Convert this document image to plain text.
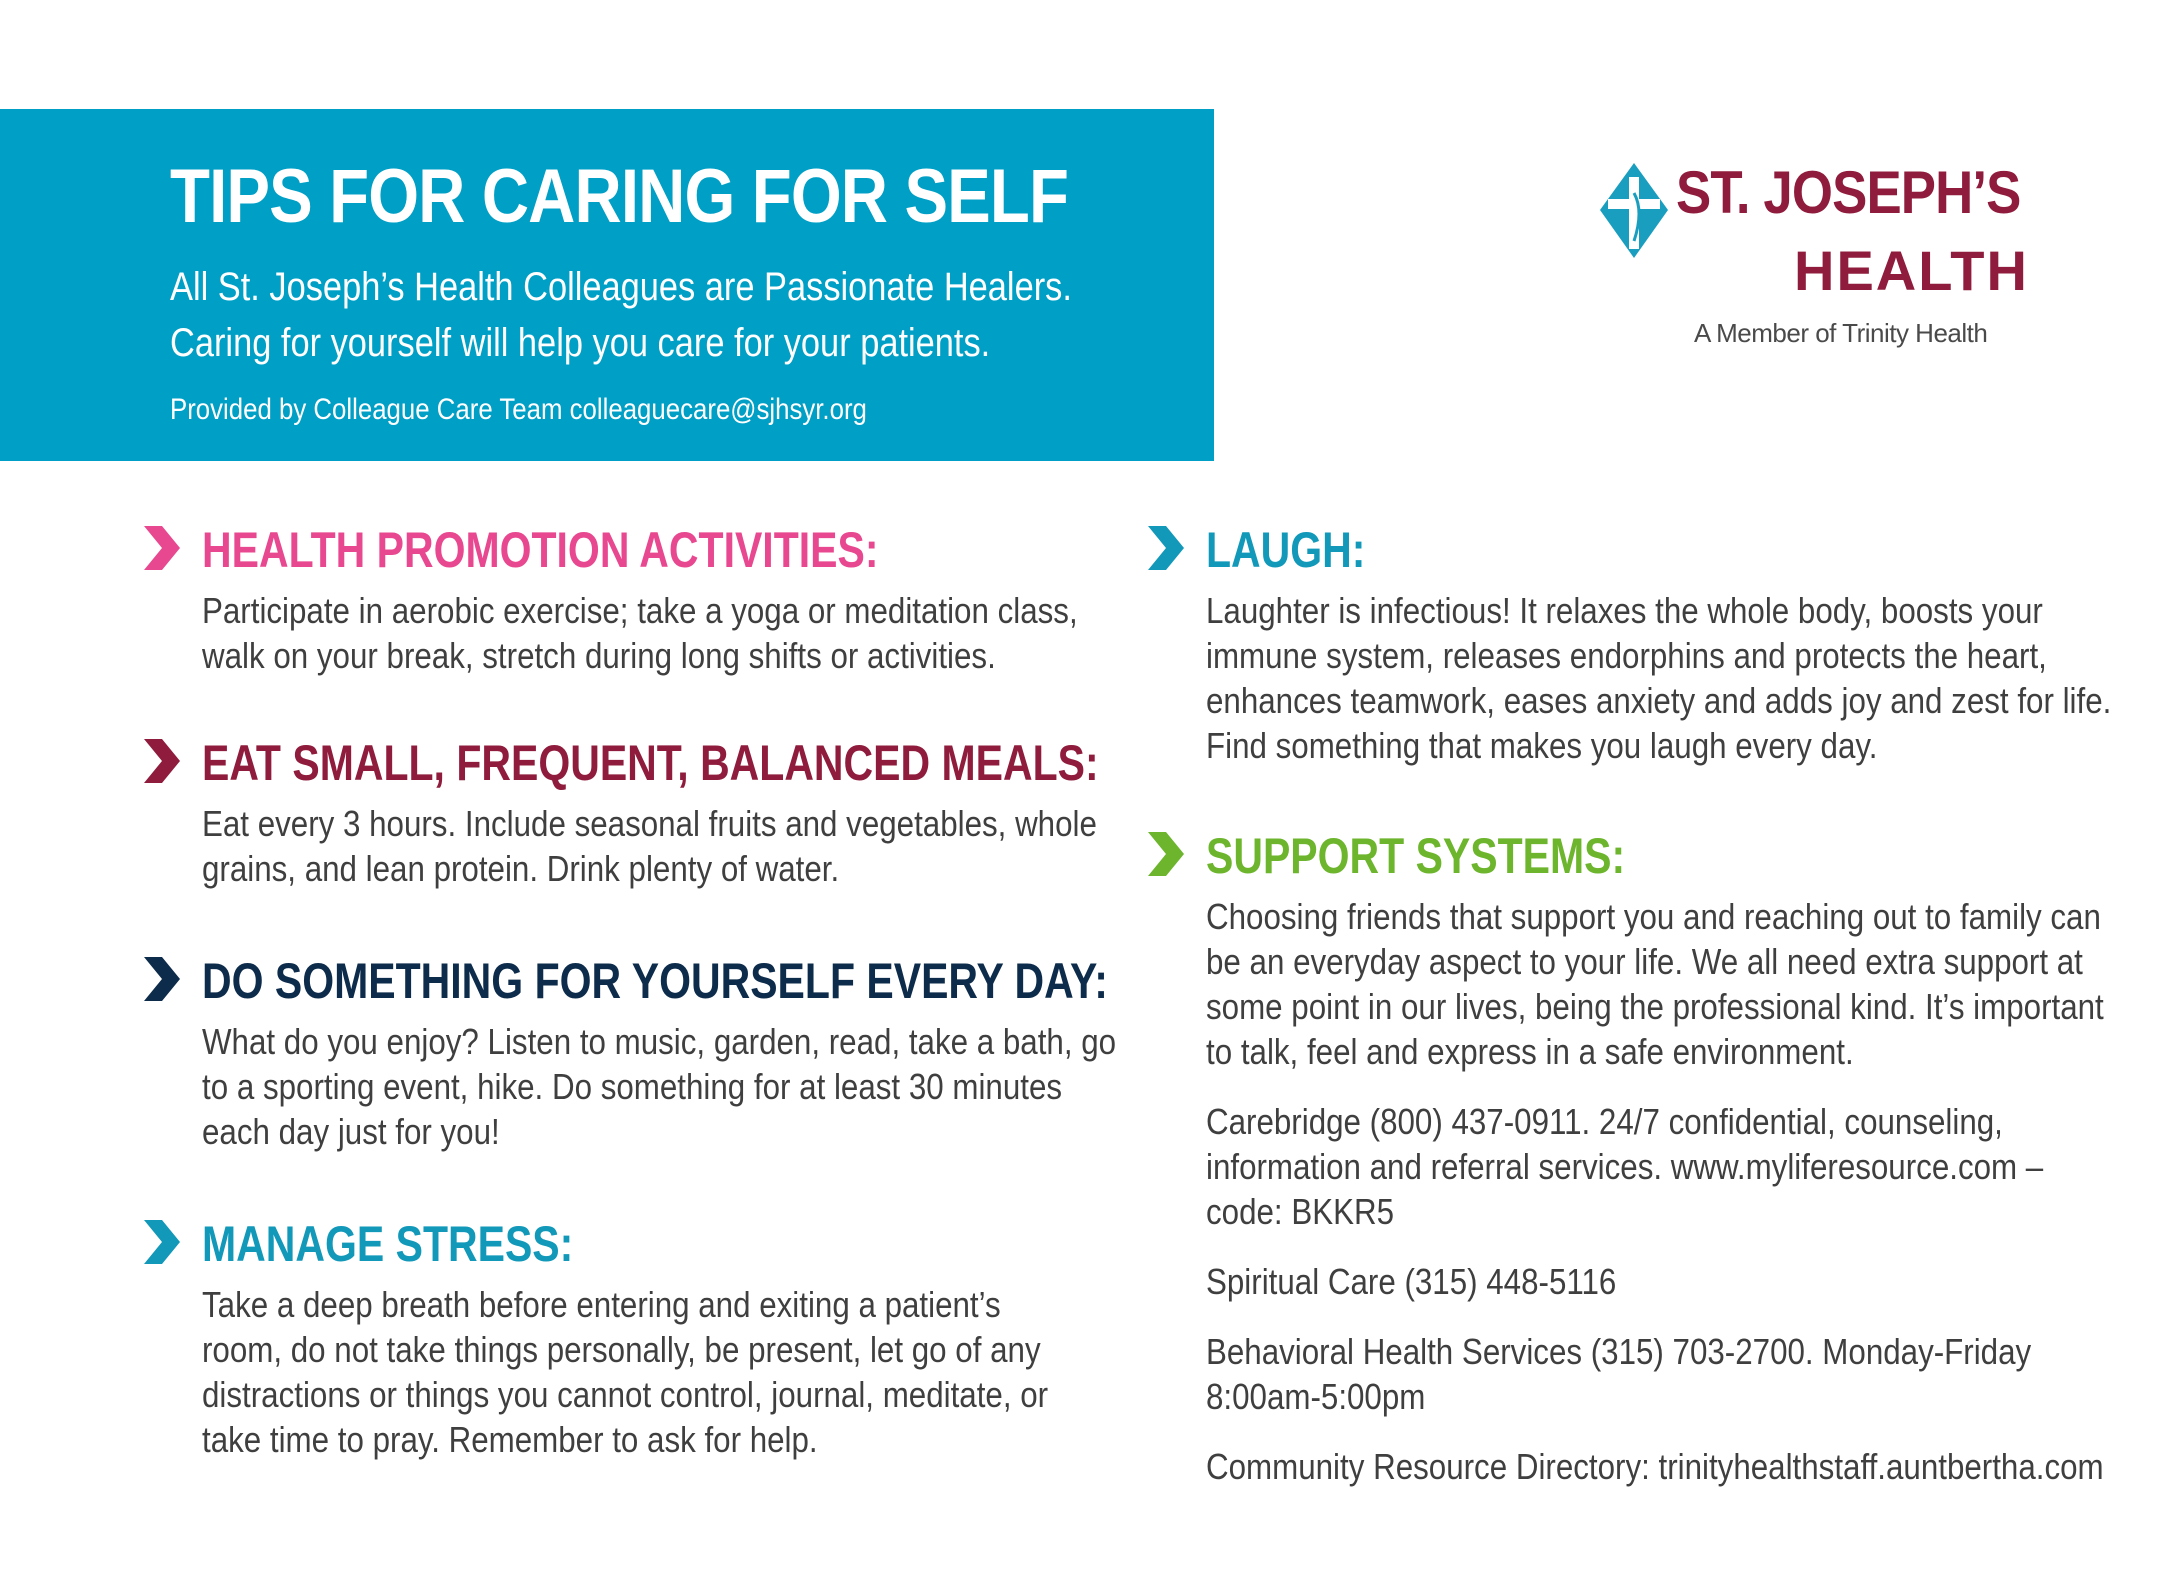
TIPS FOR CARING FOR SELF
All St. Joseph’s Health Colleagues are Passionate Healers.
Caring for yourself will help you care for your patients.
Provided by Colleague Care Team colleaguecare@sjhsyr.org
ST. JOSEPH’S
HEALTH
A Member of Trinity Health
HEALTH PROMOTION ACTIVITIES:
Participate in aerobic exercise; take a yoga or meditation class,
walk on your break, stretch during long shifts or activities.
EAT SMALL, FREQUENT, BALANCED MEALS:
Eat every 3 hours. Include seasonal fruits and vegetables, whole
grains, and lean protein. Drink plenty of water.
DO SOMETHING FOR YOURSELF EVERY DAY:
What do you enjoy? Listen to music, garden, read, take a bath, go
to a sporting event, hike. Do something for at least 30 minutes
each day just for you!
MANAGE STRESS:
Take a deep breath before entering and exiting a patient’s
room, do not take things personally, be present, let go of any
distractions or things you cannot control, journal, meditate, or
take time to pray. Remember to ask for help.
LAUGH:
Laughter is infectious! It relaxes the whole body, boosts your
immune system, releases endorphins and protects the heart,
enhances teamwork, eases anxiety and adds joy and zest for life.
Find something that makes you laugh every day.
SUPPORT SYSTEMS:
Choosing friends that support you and reaching out to family can
be an everyday aspect to your life. We all need extra support at
some point in our lives, being the professional kind. It’s important
to talk, feel and express in a safe environment.
Carebridge (800) 437-0911. 24/7 confidential, counseling,
information and referral services. www.myliferesource.com –
code: BKKR5
Spiritual Care (315) 448-5116
Behavioral Health Services (315) 703-2700. Monday-Friday
8:00am-5:00pm
Community Resource Directory: trinityhealthstaff.auntbertha.com
